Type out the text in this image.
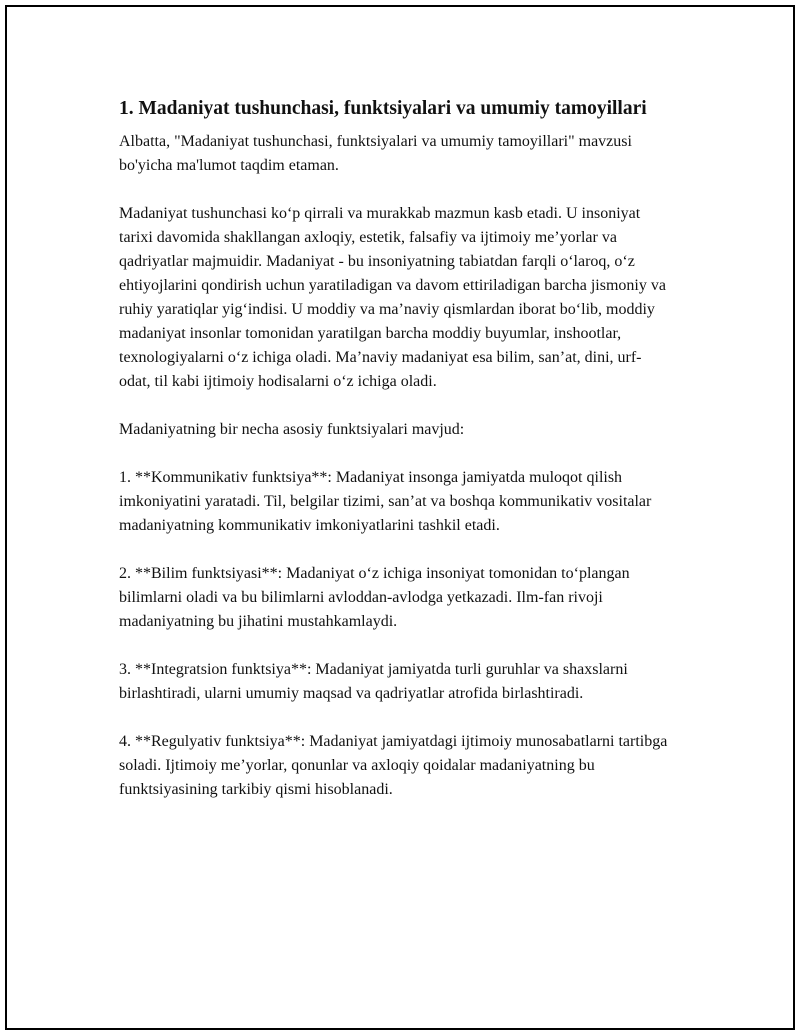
1. Madaniyat tushunchasi, funktsiyalari va umumiy tamoyillari

Albatta, "Madaniyat tushunchasi, funktsiyalari va umumiy tamoyillari" mavzusi bo'yicha ma'lumot taqdim etaman.

Madaniyat tushunchasi koʻp qirrali va murakkab mazmun kasb etadi. U insoniyat tarixi davomida shakllangan axloqiy, estetik, falsafiy va ijtimoiy me’yorlar va qadriyatlar majmuidir. Madaniyat - bu insoniyatning tabiatdan farqli oʻlaroq, oʻz ehtiyojlarini qondirish uchun yaratiladigan va davom ettiriladigan barcha jismoniy va ruhiy yaratiqlar yigʻindisi. U moddiy va ma’naviy qismlardan iborat boʻlib, moddiy madaniyat insonlar tomonidan yaratilgan barcha moddiy buyumlar, inshootlar, texnologiyalarni oʻz ichiga oladi. Ma’naviy madaniyat esa bilim, san’at, dini, urf-odat, til kabi ijtimoiy hodisalarni oʻz ichiga oladi.

Madaniyatning bir necha asosiy funktsiyalari mavjud:

1. **Kommunikativ funktsiya**: Madaniyat insonga jamiyatda muloqot qilish imkoniyatini yaratadi. Til, belgilar tizimi, san’at va boshqa kommunikativ vositalar madaniyatning kommunikativ imkoniyatlarini tashkil etadi.

2. **Bilim funktsiyasi**: Madaniyat oʻz ichiga insoniyat tomonidan toʻplangan bilimlarni oladi va bu bilimlarni avloddan-avlodga yetkazadi. Ilm-fan rivoji madaniyatning bu jihatini mustahkamlaydi.

3. **Integratsion funktsiya**: Madaniyat jamiyatda turli guruhlar va shaxslarni birlashtiradi, ularni umumiy maqsad va qadriyatlar atrofida birlashtiradi.

4. **Regulyativ funktsiya**: Madaniyat jamiyatdagi ijtimoiy munosabatlarni tartibga soladi. Ijtimoiy me’yorlar, qonunlar va axloqiy qoidalar madaniyatning bu funktsiyasining tarkibiy qismi hisoblanadi.
